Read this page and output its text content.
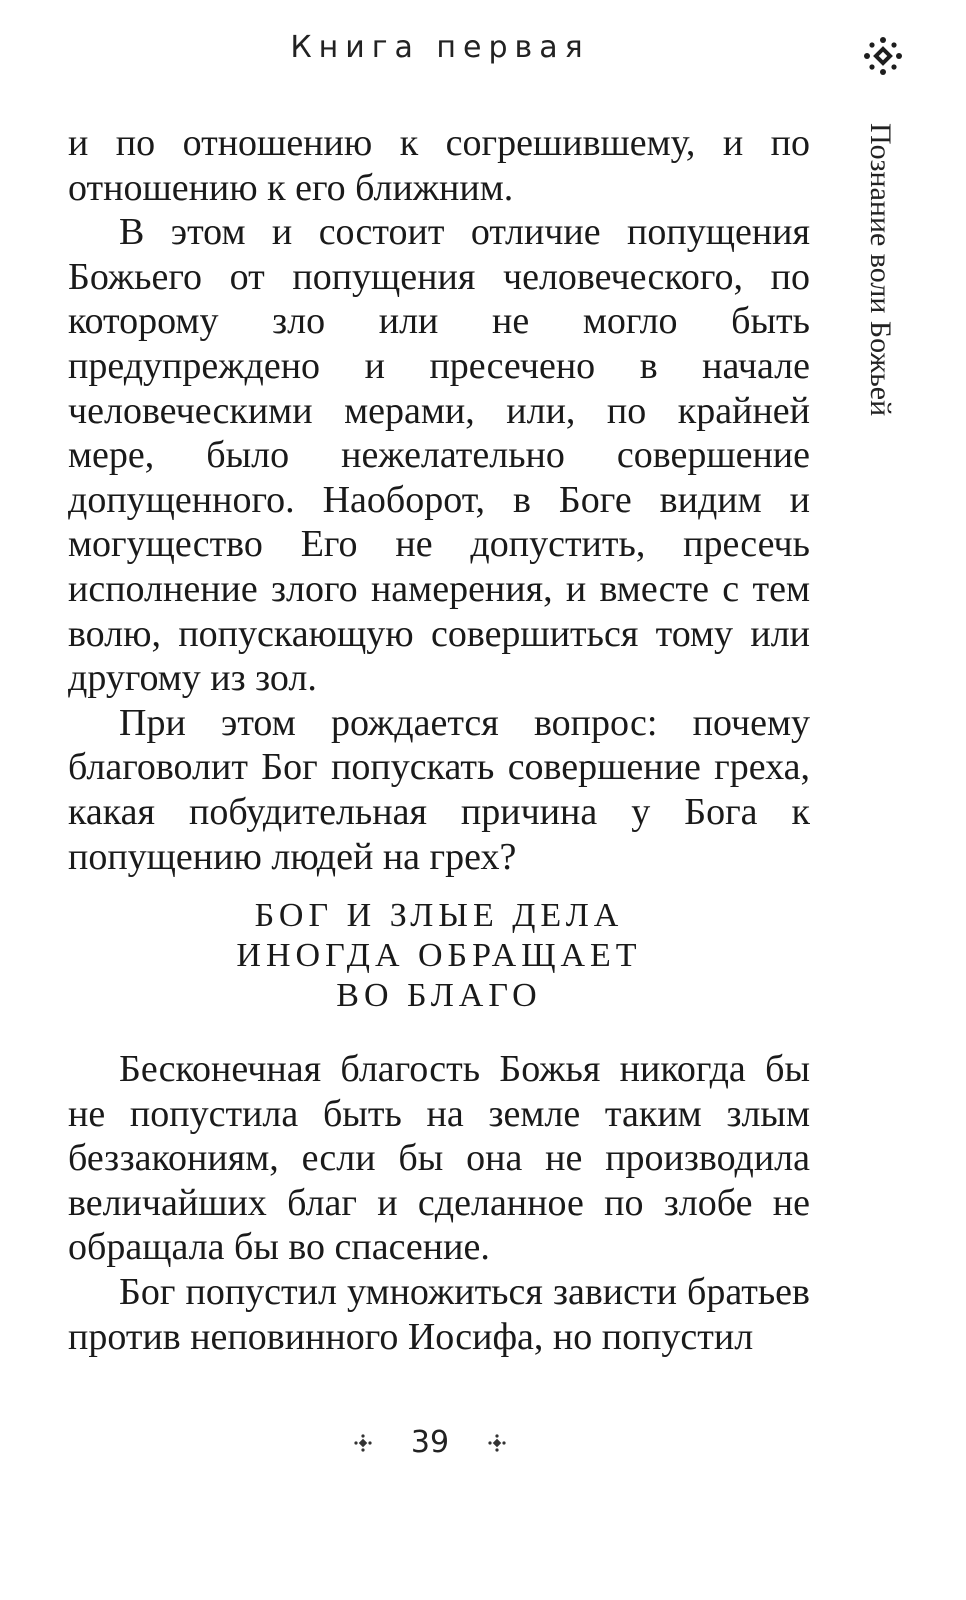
Книга первая
Познание воли Божьей

и по отношению к согрешившему, и по отношению к его ближним.

В этом и состоит отличие попущения Божьего от попущения человеческого, по которому зло или не могло быть предупреждено и пресечено в начале человеческими мерами, или, по крайней мере, было нежелательно совершение допущенного. Наоборот, в Боге видим и могущество Его не допустить, пресечь исполнение злого намерения, и вместе с тем волю, попускающую совершиться тому или другому из зол.

При этом рождается вопрос: почему благоволит Бог попускать совершение греха, какая побудительная причина у Бога к попущению людей на грех?

БОГ И ЗЛЫЕ ДЕЛА
ИНОГДА ОБРАЩАЕТ
ВО БЛАГО

Бесконечная благость Божья никогда бы не попустила быть на земле таким злым беззакониям, если бы она не производила величайших благ и сделанное по злобе не обращала бы во спасение.

Бог попустил умножиться зависти братьев против неповинного Иосифа, но попустил

39
